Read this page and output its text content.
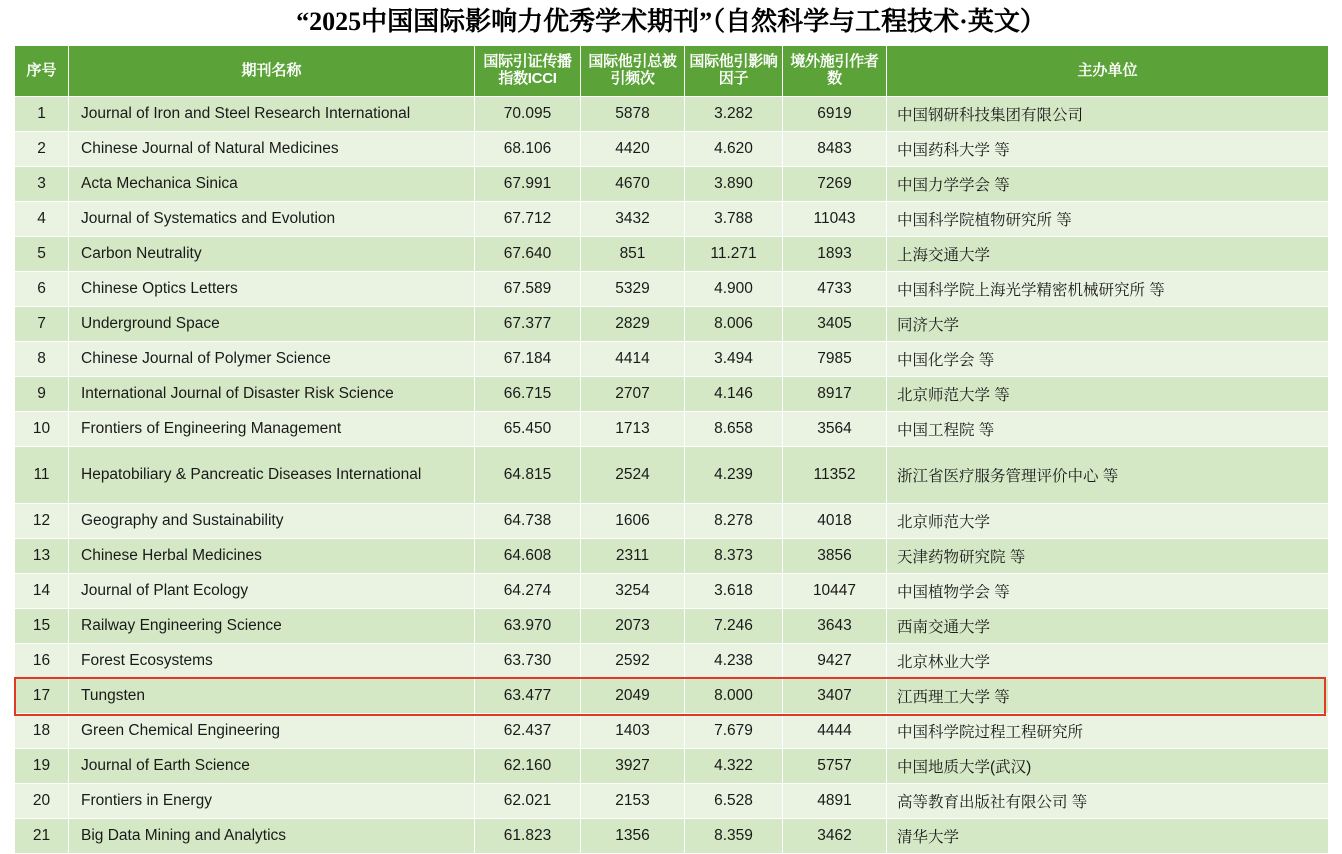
“2025中国国际影响力优秀学术期刊”（自然科学与工程技术·英文）
序号	期刊名称	国际引证传播指数ICCI	国际他引总被引频次	国际他引影响因子	境外施引作者数	主办单位
1	Journal of Iron and Steel Research International	70.095	5878	3.282	6919	中国钢研科技集团有限公司
2	Chinese Journal of Natural Medicines	68.106	4420	4.620	8483	中国药科大学 等
3	Acta Mechanica Sinica	67.991	4670	3.890	7269	中国力学学会 等
4	Journal of Systematics and Evolution	67.712	3432	3.788	11043	中国科学院植物研究所 等
5	Carbon Neutrality	67.640	851	11.271	1893	上海交通大学
6	Chinese Optics Letters	67.589	5329	4.900	4733	中国科学院上海光学精密机械研究所 等
7	Underground Space	67.377	2829	8.006	3405	同济大学
8	Chinese Journal of Polymer Science	67.184	4414	3.494	7985	中国化学会 等
9	International Journal of Disaster Risk Science	66.715	2707	4.146	8917	北京师范大学 等
10	Frontiers of Engineering Management	65.450	1713	8.658	3564	中国工程院 等
11	Hepatobiliary & Pancreatic Diseases International	64.815	2524	4.239	11352	浙江省医疗服务管理评价中心 等
12	Geography and Sustainability	64.738	1606	8.278	4018	北京师范大学
13	Chinese Herbal Medicines	64.608	2311	8.373	3856	天津药物研究院 等
14	Journal of Plant Ecology	64.274	3254	3.618	10447	中国植物学会 等
15	Railway Engineering Science	63.970	2073	7.246	3643	西南交通大学
16	Forest Ecosystems	63.730	2592	4.238	9427	北京林业大学
17	Tungsten	63.477	2049	8.000	3407	江西理工大学 等
18	Green Chemical Engineering	62.437	1403	7.679	4444	中国科学院过程工程研究所
19	Journal of Earth Science	62.160	3927	4.322	5757	中国地质大学(武汉)
20	Frontiers in Energy	62.021	2153	6.528	4891	高等教育出版社有限公司 等
21	Big Data Mining and Analytics	61.823	1356	8.359	3462	清华大学
